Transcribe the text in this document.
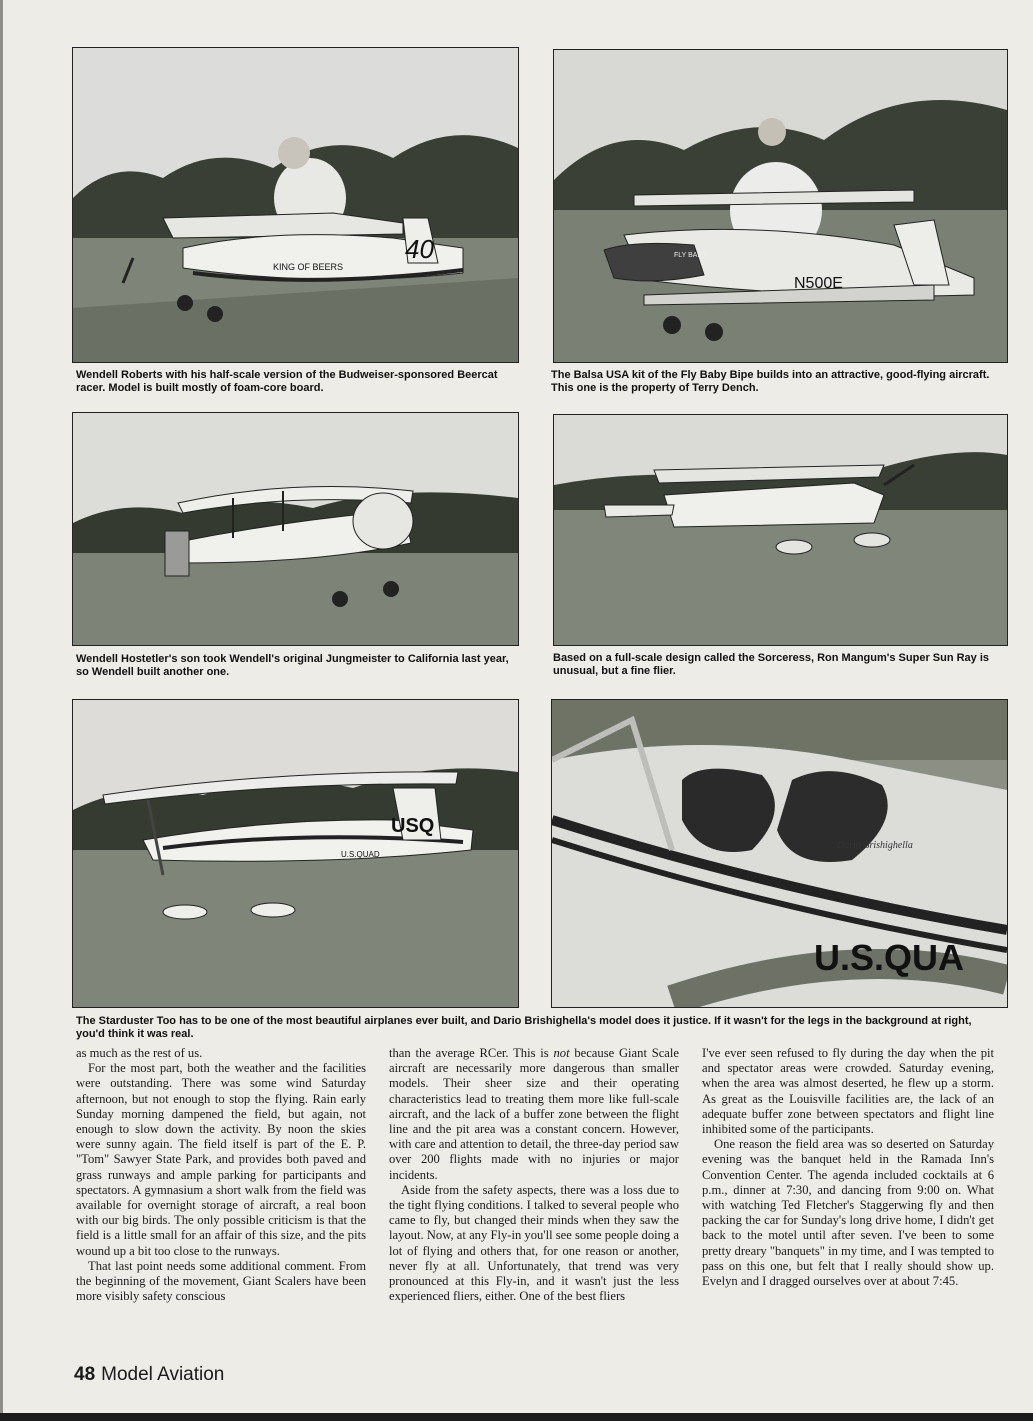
40
KING OF BEERS
Wendell Roberts with his half-scale version of the Budweiser-sponsored Beercat racer. Model is built mostly of foam-core board.
N500E
FLY BABY
The Balsa USA kit of the Fly Baby Bipe builds into an attractive, good-flying aircraft. This one is the property of Terry Dench.
Wendell Hostetler's son took Wendell's original Jungmeister to California last year, so Wendell built another one.
Based on a full-scale design called the Sorceress, Ron Mangum's Super Sun Ray is unusual, but a fine flier.
USQ
U.S.QUAD
U.S.QUA
Dario Brishighella
The Starduster Too has to be one of the most beautiful airplanes ever built, and Dario Brishighella's model does it justice. If it wasn't for the legs in the background at right, you'd think it was real.

as much as the rest of us.

For the most part, both the weather and the facilities were outstanding. There was some wind Saturday afternoon, but not enough to stop the flying. Rain early Sunday morning dampened the field, but again, not enough to slow down the activity. By noon the skies were sunny again. The field itself is part of the E. P. "Tom" Sawyer State Park, and provides both paved and grass runways and ample parking for participants and spectators. A gymnasium a short walk from the field was available for overnight storage of aircraft, a real boon with our big birds. The only possible criticism is that the field is a little small for an affair of this size, and the pits wound up a bit too close to the runways.

That last point needs some additional comment. From the beginning of the movement, Giant Scalers have been more visibly safety conscious

than the average RCer. This is not because Giant Scale aircraft are necessarily more dangerous than smaller models. Their sheer size and their operating characteristics lead to treating them more like full-scale aircraft, and the lack of a buffer zone between the flight line and the pit area was a constant concern. However, with care and attention to detail, the three-day period saw over 200 flights made with no injuries or major incidents.

Aside from the safety aspects, there was a loss due to the tight flying conditions. I talked to several people who came to fly, but changed their minds when they saw the layout. Now, at any Fly-in you'll see some people doing a lot of flying and others that, for one reason or another, never fly at all. Unfortunately, that trend was very pronounced at this Fly-in, and it wasn't just the less experienced fliers, either. One of the best fliers

I've ever seen refused to fly during the day when the pit and spectator areas were crowded. Saturday evening, when the area was almost deserted, he flew up a storm. As great as the Louisville facilities are, the lack of an adequate buffer zone between spectators and flight line inhibited some of the participants.

One reason the field area was so deserted on Saturday evening was the banquet held in the Ramada Inn's Convention Center. The agenda included cocktails at 6 p.m., dinner at 7:30, and dancing from 9:00 on. What with watching Ted Fletcher's Staggerwing fly and then packing the car for Sunday's long drive home, I didn't get back to the motel until after seven. I've been to some pretty dreary "banquets" in my time, and I was tempted to pass on this one, but felt that I really should show up. Evelyn and I dragged ourselves over at about 7:45.

48 Model Aviation
